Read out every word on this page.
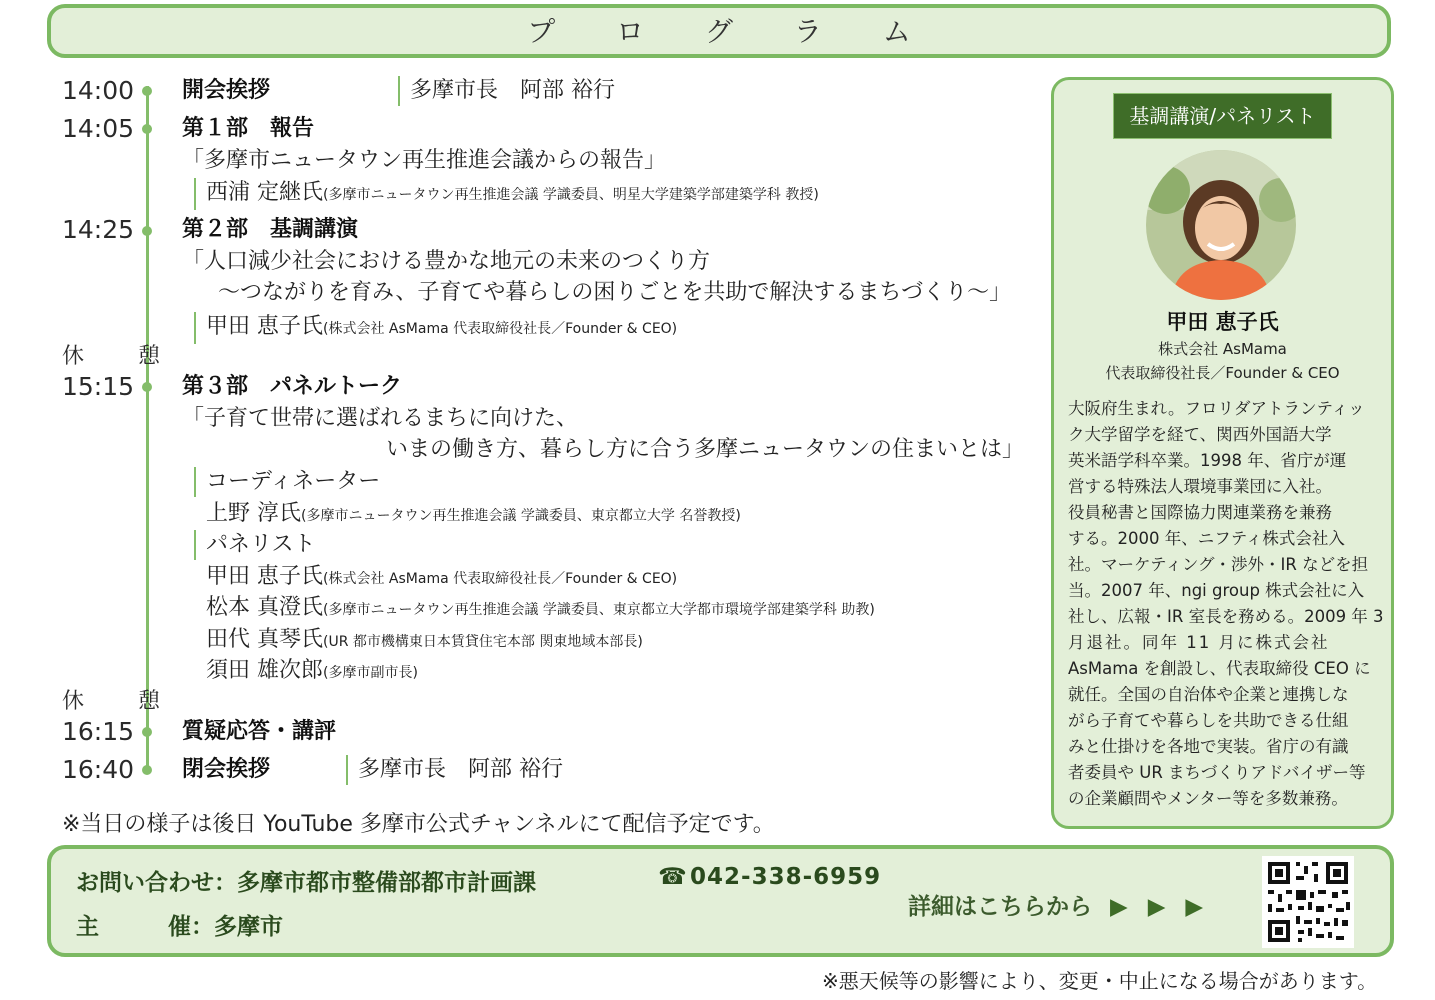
プ ロ グ ラ ム
14:00 開会挨拶	多摩市長　阿部 裕行
14:05 第１部　報告
「多摩市ニュータウン再生推進会議からの報告」
西浦 定継氏(多摩市ニュータウン再生推進会議 学識委員、明星大学建築学部建築学科 教授)
14:25 第２部　基調講演
「人口減少社会における豊かな地元の未来のつくり方
～つながりを育み、子育てや暮らしの困りごとを共助で解決するまちづくり～」
甲田 恵子氏(株式会社 AsMama 代表取締役社長／Founder & CEO)
休　憩
15:15 第３部　パネルトーク
「子育て世帯に選ばれるまちに向けた、
いまの働き方、暮らし方に合う多摩ニュータウンの住まいとは」
コーディネーター
上野 淳氏(多摩市ニュータウン再生推進会議 学識委員、東京都立大学 名誉教授)
パネリスト
甲田 恵子氏(株式会社 AsMama 代表取締役社長／Founder & CEO)
松本 真澄氏(多摩市ニュータウン再生推進会議 学識委員、東京都立大学都市環境学部建築学科 助教)
田代 真琴氏(UR 都市機構東日本賃貸住宅本部 関東地域本部長)
須田 雄次郎(多摩市副市長)
休　憩
16:15 質疑応答・講評
16:40 閉会挨拶	多摩市長　阿部 裕行
※当日の様子は後日 YouTube 多摩市公式チャンネルにて配信予定です。
基調講演/パネリスト
甲田 恵子氏
株式会社 AsMama
代表取締役社長／Founder & CEO
大阪府生まれ。フロリダアトランティッ
ク大学留学を経て、関西外国語大学
英米語学科卒業。1998 年、省庁が運
営する特殊法人環境事業団に入社。
役員秘書と国際協力関連業務を兼務
する。2000 年、ニフティ株式会社入
社。マーケティング・渉外・IR などを担
当。2007 年、ngi group 株式会社に入
社し、広報・IR 室長を務める。2009 年 3
月退社。同年 11 月に株式会社
AsMama を創設し、代表取締役 CEO に
就任。全国の自治体や企業と連携しな
がら子育てや暮らしを共助できる仕組
みと仕掛けを各地で実装。省庁の有識
者委員や UR まちづくりアドバイザー等
の企業顧問やメンター等を多数兼務。
お問い合わせ：多摩市都市整備部都市計画課	☎ 042-338-6959
主　　　催：多摩市
詳細はこちらから ▶ ▶ ▶
※悪天候等の影響により、変更・中止になる場合があります。
